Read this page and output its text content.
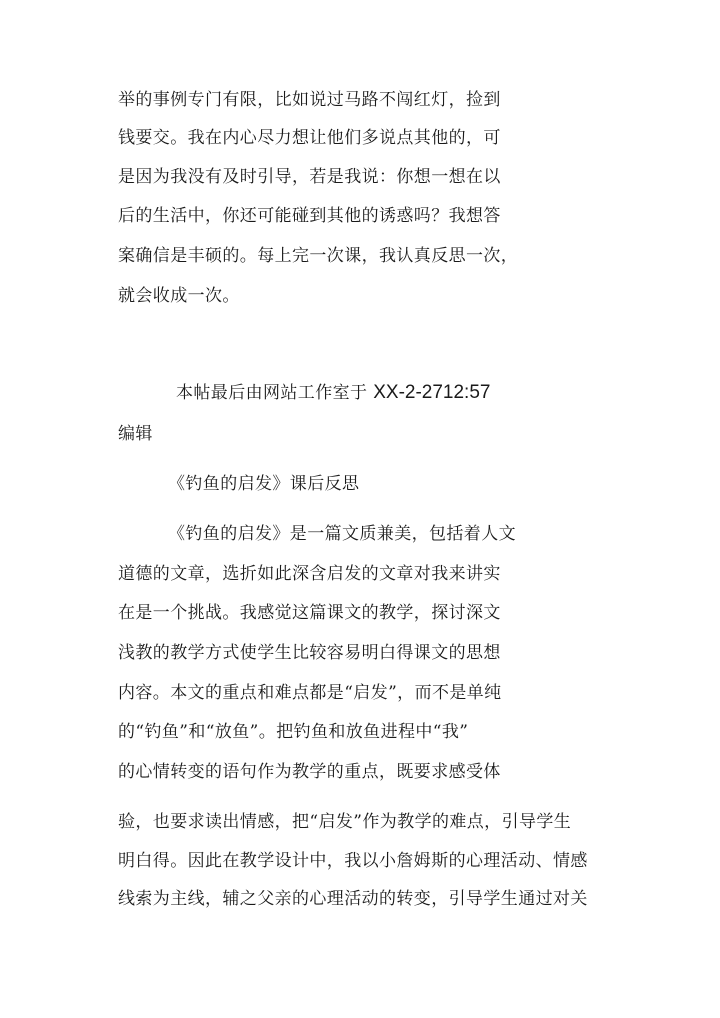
举的事例专门有限，比如说过马路不闯红灯，捡到
钱要交。我在内心尽力想让他们多说点其他的，可
是因为我没有及时引导，若是我说：你想一想在以
后的生活中，你还可能碰到其他的诱惑吗？我想答
案确信是丰硕的。每上完一次课，我认真反思一次，
就会收成一次。
本帖最后由网站工作室于 XX-2-2712:57
编辑
《钓鱼的启发》课后反思
《钓鱼的启发》是一篇文质兼美，包括着人文
道德的文章，选折如此深含启发的文章对我来讲实
在是一个挑战。我感觉这篇课文的教学，探讨深文
浅教的教学方式使学生比较容易明白得课文的思想
内容。本文的重点和难点都是“启发”，而不是单纯
的“钓鱼”和“放鱼”。把钓鱼和放鱼进程中“我”
的心情转变的语句作为教学的重点，既要求感受体
验，也要求读出情感，把“启发”作为教学的难点，引导学生
明白得。因此在教学设计中，我以小詹姆斯的心理活动、情感
线索为主线，辅之父亲的心理活动的转变，引导学生通过对关
